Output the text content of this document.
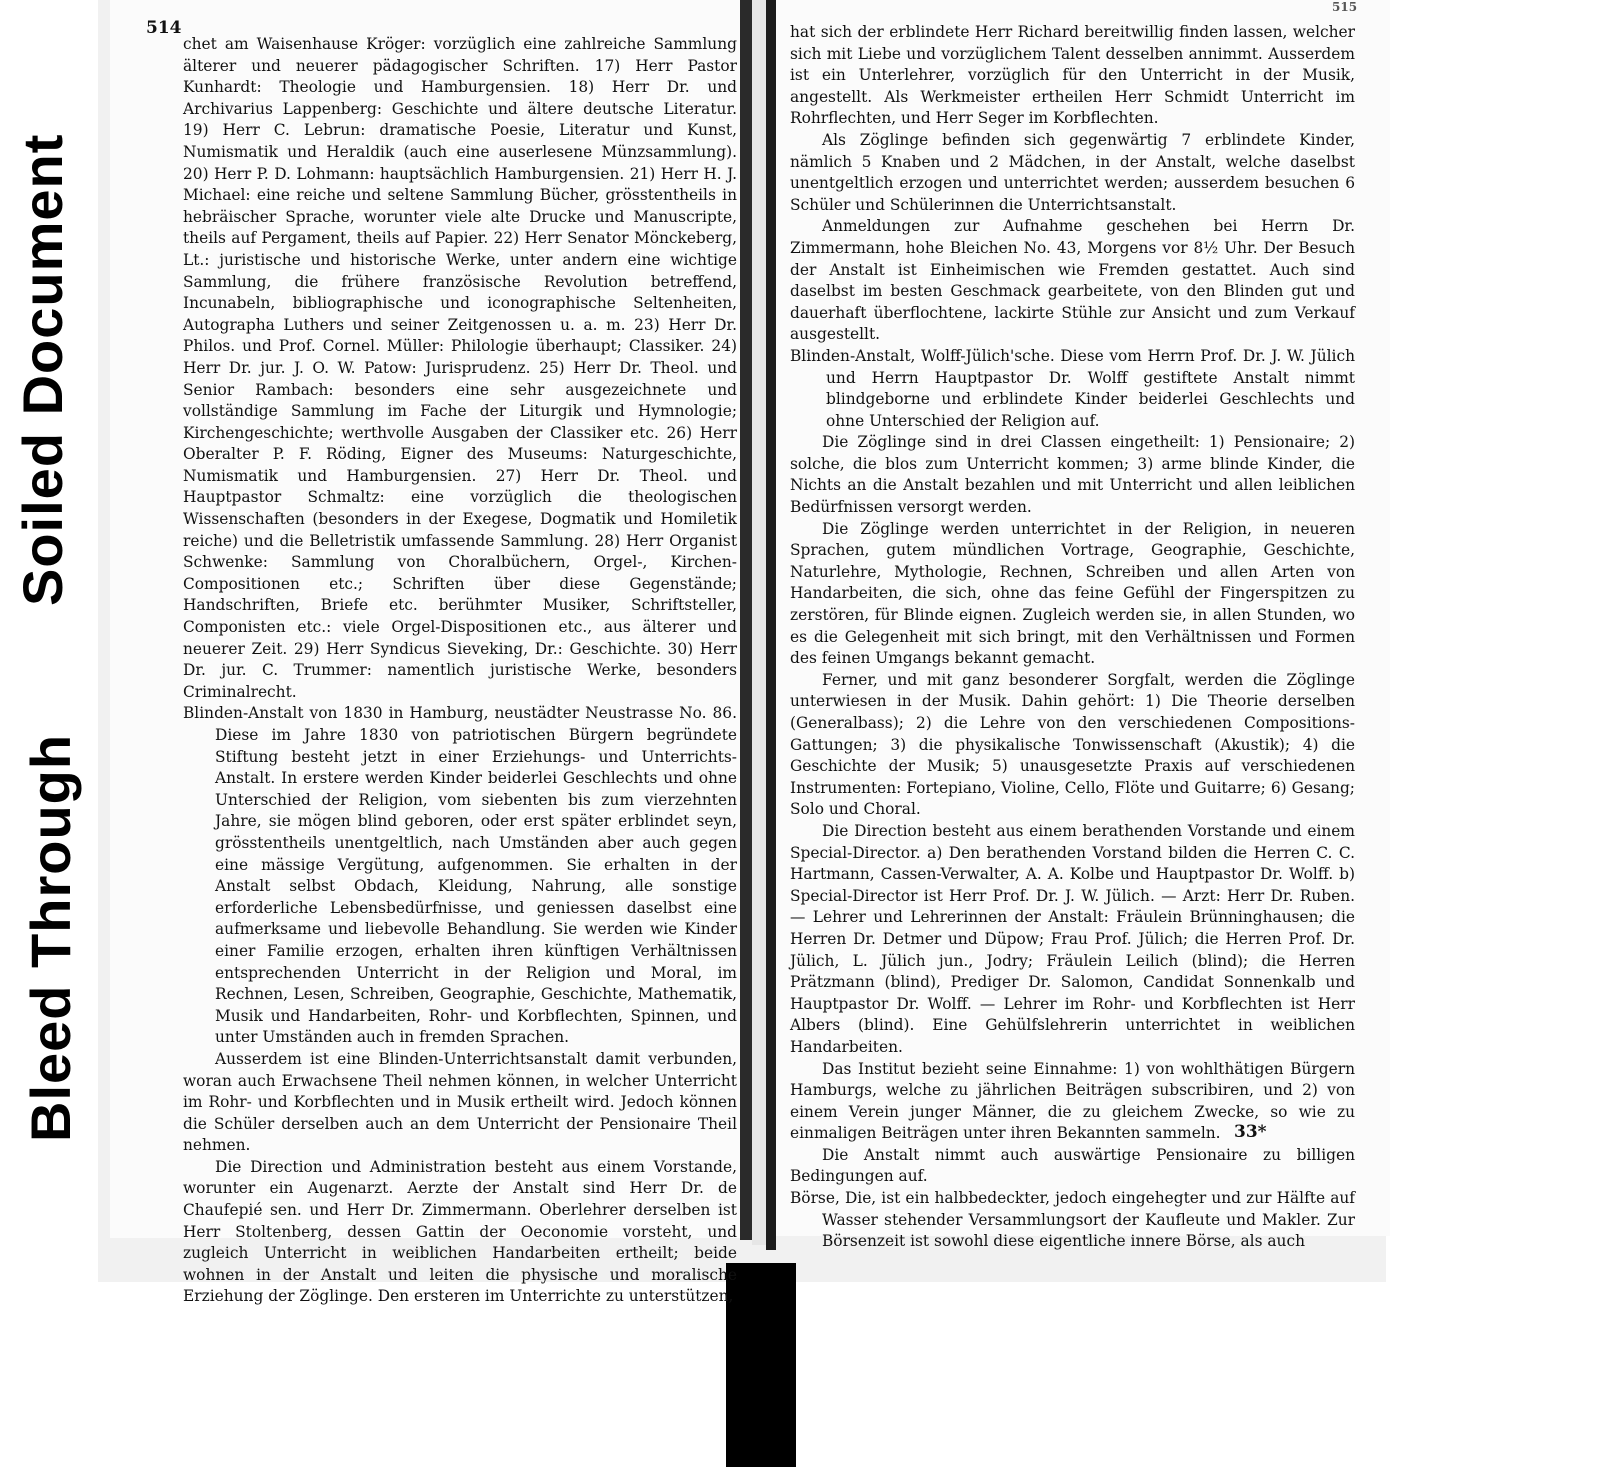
Bleed Through
Soiled Document
514
515

chet am Waisenhause Kröger: vorzüglich eine zahlreiche Sammlung älterer und neuerer pädagogischer Schriften. 17) Herr Pastor Kunhardt: Theologie und Hamburgensien. 18) Herr Dr. und Archivarius Lappenberg: Geschichte und ältere deutsche Literatur. 19) Herr C. Lebrun: dramatische Poesie, Literatur und Kunst, Numismatik und Heraldik (auch eine auserlesene Münzsammlung). 20) Herr P. D. Lohmann: hauptsächlich Hamburgensien. 21) Herr H. J. Michael: eine reiche und seltene Sammlung Bücher, grösstentheils in hebräischer Sprache, worunter viele alte Drucke und Manuscripte, theils auf Pergament, theils auf Papier. 22) Herr Senator Mönckeberg, Lt.: juristische und historische Werke, unter andern eine wichtige Sammlung, die frühere französische Revolution betreffend, Incunabeln, bibliographische und iconographische Seltenheiten, Autographa Luthers und seiner Zeitgenossen u. a. m. 23) Herr Dr. Philos. und Prof. Cornel. Müller: Philologie überhaupt; Classiker. 24) Herr Dr. jur. J. O. W. Patow: Jurisprudenz. 25) Herr Dr. Theol. und Senior Rambach: besonders eine sehr ausgezeichnete und vollständige Sammlung im Fache der Liturgik und Hymnologie; Kirchengeschichte; werthvolle Ausgaben der Classiker etc. 26) Herr Oberalter P. F. Röding, Eigner des Museums: Naturgeschichte, Numismatik und Hamburgensien. 27) Herr Dr. Theol. und Hauptpastor Schmaltz: eine vorzüglich die theologischen Wissenschaften (besonders in der Exegese, Dogmatik und Homiletik reiche) und die Belletristik umfassende Sammlung. 28) Herr Organist Schwenke: Sammlung von Choralbüchern, Orgel-, Kirchen-Compositionen etc.; Schriften über diese Gegenstände; Handschriften, Briefe etc. berühmter Musiker, Schriftsteller, Componisten etc.: viele Orgel-Dispositionen etc., aus älterer und neuerer Zeit. 29) Herr Syndicus Sieveking, Dr.: Geschichte. 30) Herr Dr. jur. C. Trummer: namentlich juristische Werke, besonders Criminalrecht.

Blinden-Anstalt von 1830 in Hamburg, neustädter Neustrasse No. 86. Diese im Jahre 1830 von patriotischen Bürgern begründete Stiftung besteht jetzt in einer Erziehungs- und Unterrichts-Anstalt. In erstere werden Kinder beiderlei Geschlechts und ohne Unterschied der Religion, vom siebenten bis zum vierzehnten Jahre, sie mögen blind geboren, oder erst später erblindet seyn, grösstentheils unentgeltlich, nach Umständen aber auch gegen eine mässige Vergütung, aufgenommen. Sie erhalten in der Anstalt selbst Obdach, Kleidung, Nahrung, alle sonstige erforderliche Lebensbedürfnisse, und geniessen daselbst eine aufmerksame und liebevolle Behandlung. Sie werden wie Kinder einer Familie erzogen, erhalten ihren künftigen Verhältnissen entsprechenden Unterricht in der Religion und Moral, im Rechnen, Lesen, Schreiben, Geographie, Geschichte, Mathematik, Musik und Handarbeiten, Rohr- und Korbflechten, Spinnen, und unter Umständen auch in fremden Sprachen.

Ausserdem ist eine Blinden-Unterrichtsanstalt damit verbunden, woran auch Erwachsene Theil nehmen können, in welcher Unterricht im Rohr- und Korbflechten und in Musik ertheilt wird. Jedoch können die Schüler derselben auch an dem Unterricht der Pensionaire Theil nehmen.

Die Direction und Administration besteht aus einem Vorstande, worunter ein Augenarzt. Aerzte der Anstalt sind Herr Dr. de Chaufepié sen. und Herr Dr. Zimmermann. Oberlehrer derselben ist Herr Stoltenberg, dessen Gattin der Oeconomie vorsteht, und zugleich Unterricht in weiblichen Handarbeiten ertheilt; beide wohnen in der Anstalt und leiten die physische und moralische Erziehung der Zöglinge. Den ersteren im Unterrichte zu unterstützen,

hat sich der erblindete Herr Richard bereitwillig finden lassen, welcher sich mit Liebe und vorzüglichem Talent desselben annimmt. Ausserdem ist ein Unterlehrer, vorzüglich für den Unterricht in der Musik, angestellt. Als Werkmeister ertheilen Herr Schmidt Unterricht im Rohrflechten, und Herr Seger im Korbflechten.

Als Zöglinge befinden sich gegenwärtig 7 erblindete Kinder, nämlich 5 Knaben und 2 Mädchen, in der Anstalt, welche daselbst unentgeltlich erzogen und unterrichtet werden; ausserdem besuchen 6 Schüler und Schülerinnen die Unterrichtsanstalt.

Anmeldungen zur Aufnahme geschehen bei Herrn Dr. Zimmermann, hohe Bleichen No. 43, Morgens vor 8½ Uhr. Der Besuch der Anstalt ist Einheimischen wie Fremden gestattet. Auch sind daselbst im besten Geschmack gearbeitete, von den Blinden gut und dauerhaft überflochtene, lackirte Stühle zur Ansicht und zum Verkauf ausgestellt.

Blinden-Anstalt, Wolff-Jülich'sche. Diese vom Herrn Prof. Dr. J. W. Jülich und Herrn Hauptpastor Dr. Wolff gestiftete Anstalt nimmt blindgeborne und erblindete Kinder beiderlei Geschlechts und ohne Unterschied der Religion auf.

Die Zöglinge sind in drei Classen eingetheilt: 1) Pensionaire; 2) solche, die blos zum Unterricht kommen; 3) arme blinde Kinder, die Nichts an die Anstalt bezahlen und mit Unterricht und allen leiblichen Bedürfnissen versorgt werden.

Die Zöglinge werden unterrichtet in der Religion, in neueren Sprachen, gutem mündlichen Vortrage, Geographie, Geschichte, Naturlehre, Mythologie, Rechnen, Schreiben und allen Arten von Handarbeiten, die sich, ohne das feine Gefühl der Fingerspitzen zu zerstören, für Blinde eignen. Zugleich werden sie, in allen Stunden, wo es die Gelegenheit mit sich bringt, mit den Verhältnissen und Formen des feinen Umgangs bekannt gemacht.

Ferner, und mit ganz besonderer Sorgfalt, werden die Zöglinge unterwiesen in der Musik. Dahin gehört: 1) Die Theorie derselben (Generalbass); 2) die Lehre von den verschiedenen Compositions-Gattungen; 3) die physikalische Tonwissenschaft (Akustik); 4) die Geschichte der Musik; 5) unausgesetzte Praxis auf verschiedenen Instrumenten: Fortepiano, Violine, Cello, Flöte und Guitarre; 6) Gesang; Solo und Choral.

Die Direction besteht aus einem berathenden Vorstande und einem Special-Director. a) Den berathenden Vorstand bilden die Herren C. C. Hartmann, Cassen-Verwalter, A. A. Kolbe und Hauptpastor Dr. Wolff. b) Special-Director ist Herr Prof. Dr. J. W. Jülich. — Arzt: Herr Dr. Ruben. — Lehrer und Lehrerinnen der Anstalt: Fräulein Brünninghausen; die Herren Dr. Detmer und Düpow; Frau Prof. Jülich; die Herren Prof. Dr. Jülich, L. Jülich jun., Jodry; Fräulein Leilich (blind); die Herren Prätzmann (blind), Prediger Dr. Salomon, Candidat Sonnenkalb und Hauptpastor Dr. Wolff. — Lehrer im Rohr- und Korbflechten ist Herr Albers (blind). Eine Gehülfslehrerin unterrichtet in weiblichen Handarbeiten.

Das Institut bezieht seine Einnahme: 1) von wohlthätigen Bürgern Hamburgs, welche zu jährlichen Beiträgen subscribiren, und 2) von einem Verein junger Männer, die zu gleichem Zwecke, so wie zu einmaligen Beiträgen unter ihren Bekannten sammeln.

Die Anstalt nimmt auch auswärtige Pensionaire zu billigen Bedingungen auf.

Börse, Die, ist ein halbbedeckter, jedoch eingehegter und zur Hälfte auf Wasser stehender Versammlungsort der Kaufleute und Makler. Zur Börsenzeit ist sowohl diese eigentliche innere Börse, als auch

33*
